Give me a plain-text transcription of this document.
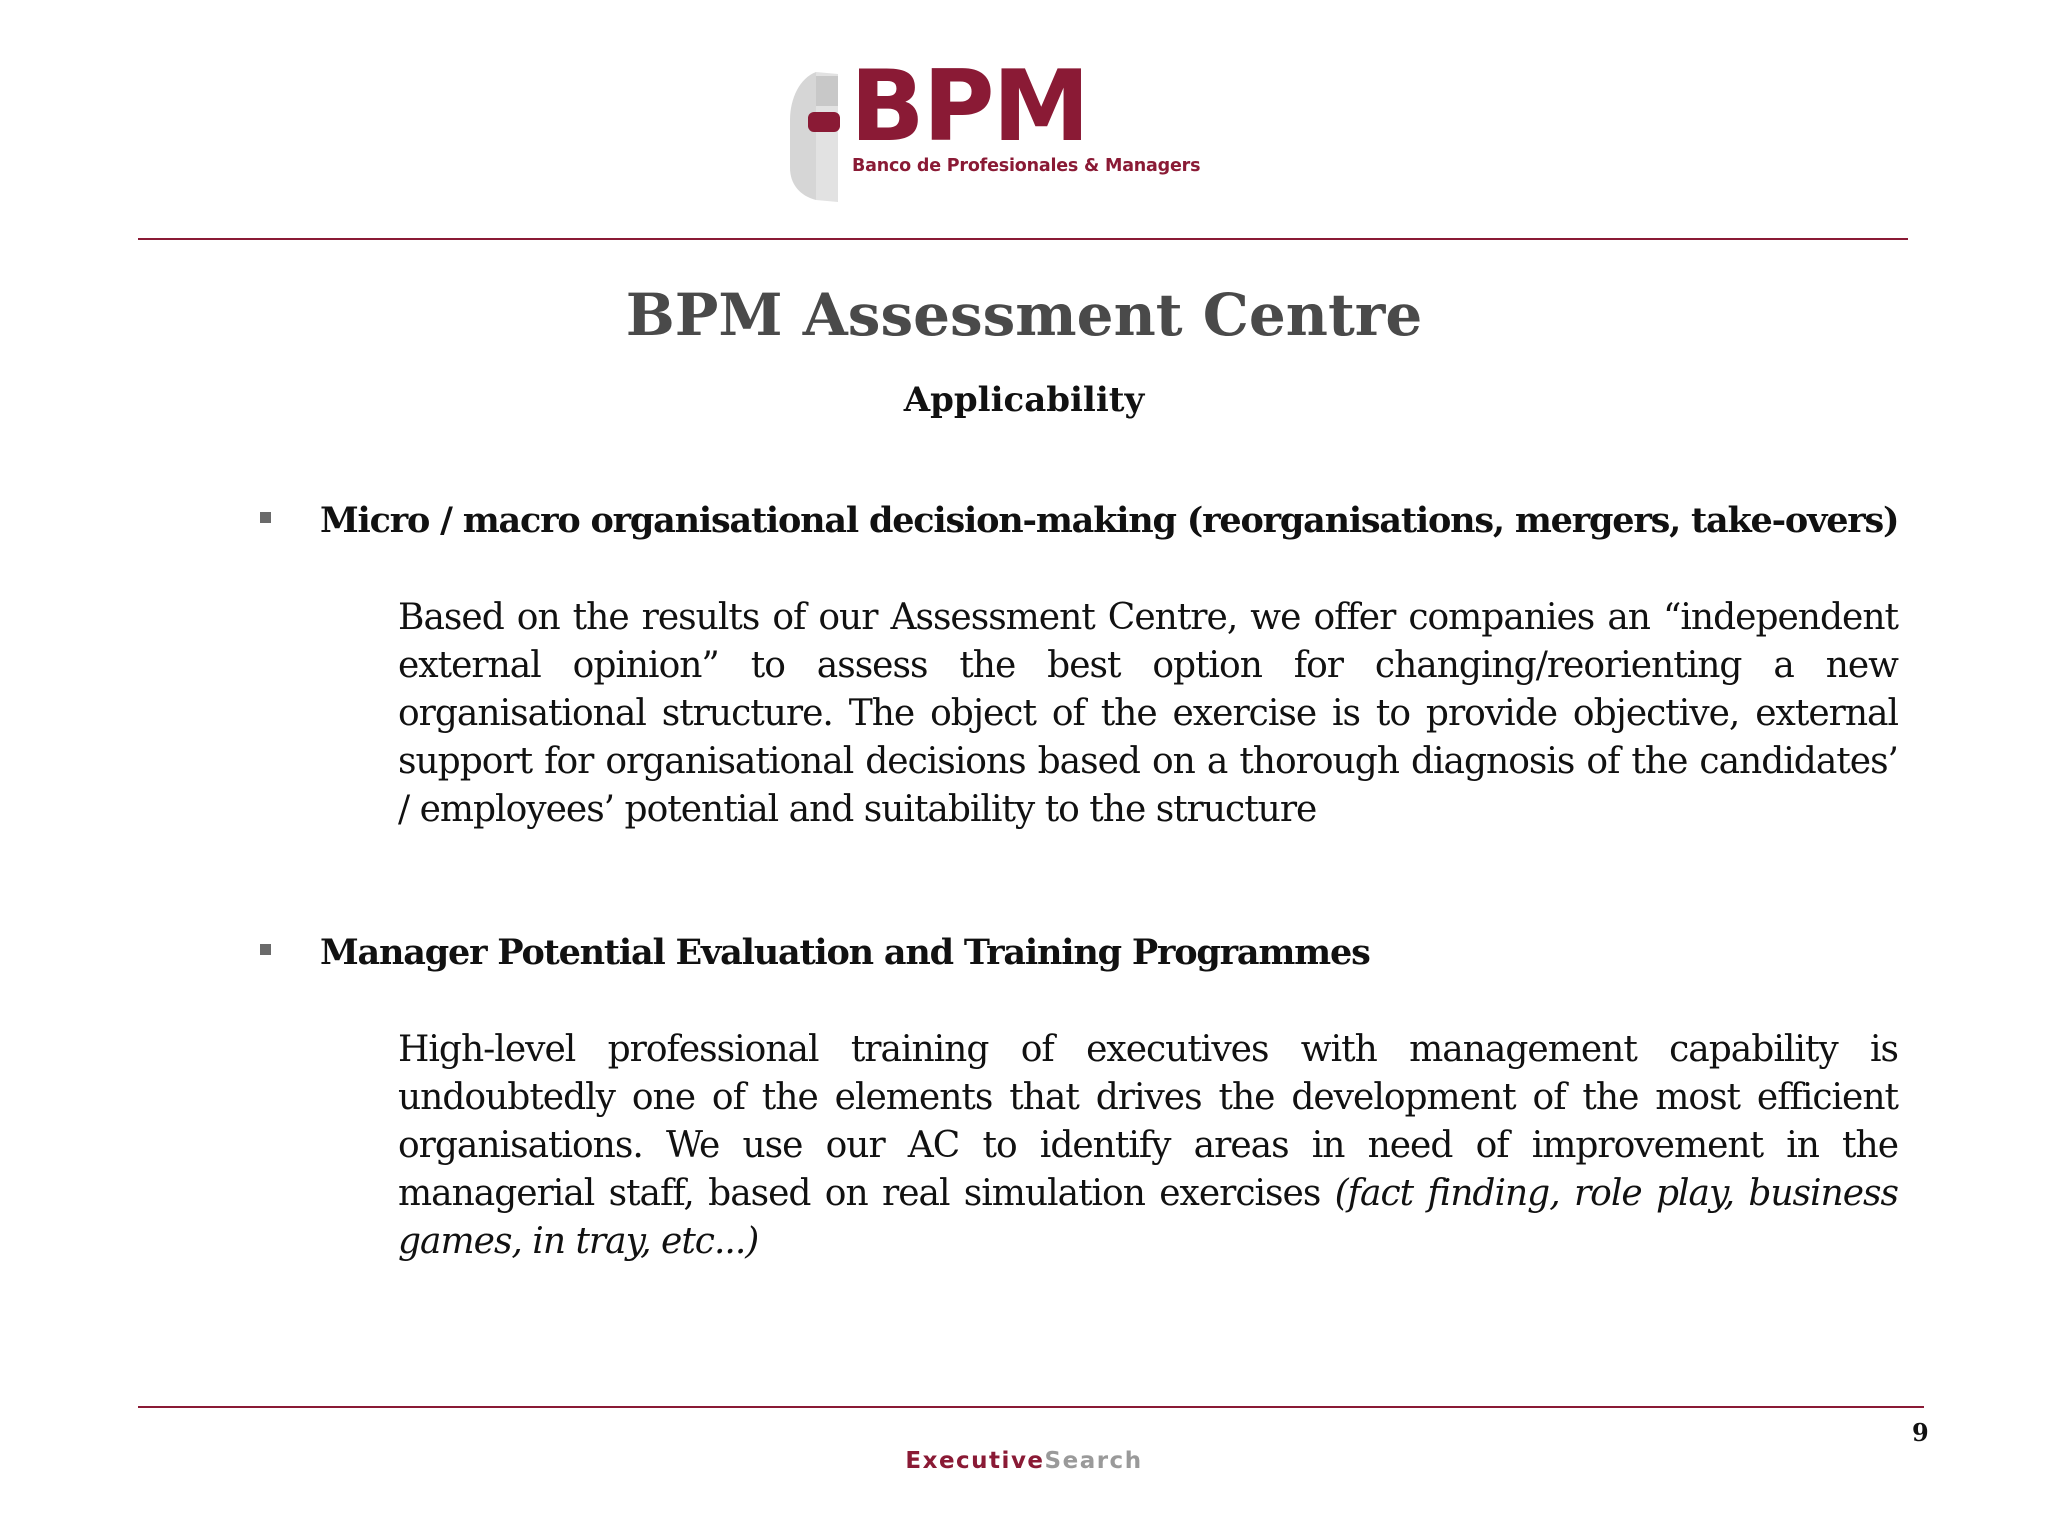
BPM
Banco de Profesionales & Managers
BPM Assessment Centre
Applicability
Micro / macro organisational decision-making (reorganisations, mergers, take-overs)
Based on the results of our Assessment Centre, we offer companies an “independent external opinion” to assess the best option for changing/reorienting a new organisational structure. The object of the exercise is to provide objective, external support for organisational decisions based on a thorough diagnosis of the candidates’ / employees’ potential and suitability to the structure
Manager Potential Evaluation and Training Programmes
High-level professional training of executives with management capability is undoubtedly one of the elements that drives the development of the most efficient organisations. We use our AC to identify areas in need of improvement in the managerial staff, based on real simulation exercises (fact finding, role play, business games, in tray, etc...)
9
ExecutiveSearch
